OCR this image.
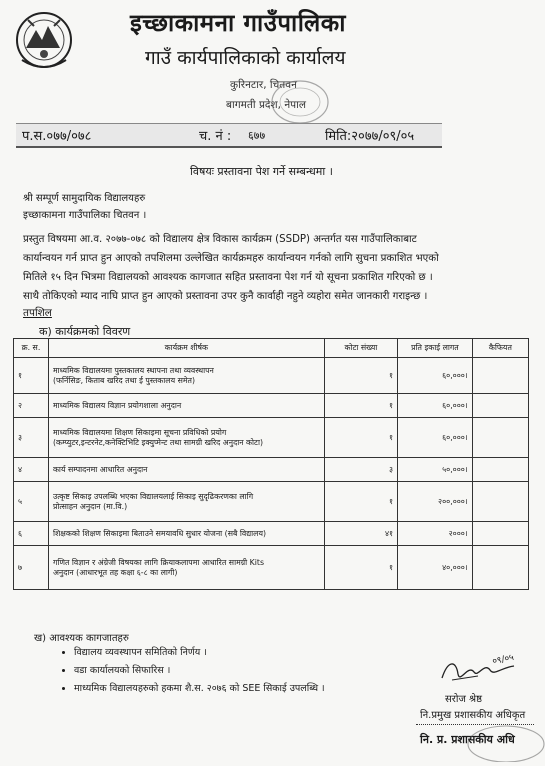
इच्छाकामना गाउँपालिका
गाउँ कार्यपालिकाको कार्यालय
कुरिनटार, चितवन
बागमती प्रदेश, नेपाल
प.स.०७७/०७८	च. नं : ६७७	मिति:२०७७/०९/०५
विषयः प्रस्तावना पेश गर्ने सम्बन्धमा ।
श्री सम्पूर्ण सामुदायिक विद्यालयहरु
इच्छाकामना गाउँपालिका चितवन ।

प्रस्तुत विषयमा आ.व. २०७७-०७८ को विद्यालय क्षेत्र विकास कार्यक्रम (SSDP) अन्तर्गत यस गाउँपालिकाबाट

कार्यान्वयन गर्न प्राप्त हुन आएको तपशिलमा उल्लेखित कार्यक्रमहरु कार्यान्वयन गर्नको लागि सुचना प्रकाशित भएको

मितिले १५ दिन भित्रमा विद्यालयको आवश्यक कागजात सहित प्रस्तावना पेश गर्न यो सूचना प्रकाशित गरिएको छ ।

साथै तोकिएको म्याद नाघि प्राप्त हुन आएको प्रस्तावना उपर कुनै कार्वाही नहुने व्यहोरा समेत जानकारी गराइन्छ ।

तपशिल
क) कार्यक्रमको विवरण
क्र. स.	कार्यक्रम शीर्षक	कोटा संख्या	प्रति इकाई लागत	कैफियत
१	माध्यमिक विद्यालयमा पुस्तकालय स्थापना तथा व्यवस्थापन
(फर्निसिङ, किताब खरिद तथा ई पुस्तकालय समेत)	१	६०,०००।	
२	माध्यमिक विद्यालय विज्ञान प्रयोगशाला अनुदान	१	६०,०००।	
३	माध्यमिक विद्यालयमा शिक्षण सिकाइमा सूचना प्रविधिको प्रयोग
(कम्प्युटर,इन्टरनेट,कनेक्टिभिटि इक्युप्मेन्ट तथा सामग्री खरिद अनुदान कोटा)	१	६०,०००।	
४	कार्य सम्पादनमा आधारित अनुदान	३	५०,०००।	
५	उत्कृष्ट सिकाइ उपलब्धि भएका विद्यालयलाई सिकाइ सुदृढिकरणका लागि
प्रोत्साहन अनुदान (मा.वि.)	१	२००,०००।	
६	शिक्षकको शिक्षण सिकाइमा बिताउने समयावधि सुधार योजना (सबै विद्यालय)	४१	२०००।	
७	गणित विज्ञान र अंग्रेजी विषयका लागि क्रियाकलापमा आधारित सामग्री Kits
अनुदान (आधारभूत तह कक्षा ६-८ का लागी)	१	४०,०००।	
ख) आवश्यक कागजातहरु
• विद्यालय व्यवस्थापन समितिको निर्णय ।
• वडा कार्यालयको सिफारिस ।
• माध्यमिक विद्यालयहरुको हकमा शै.स. २०७६ को SEE सिकाई उपलब्धि ।
०९/०५
सरोज श्रेष्ठ
नि.प्रमुख प्रशासकीय अधिकृत
नि. प्र. प्रशासकीय अधि
